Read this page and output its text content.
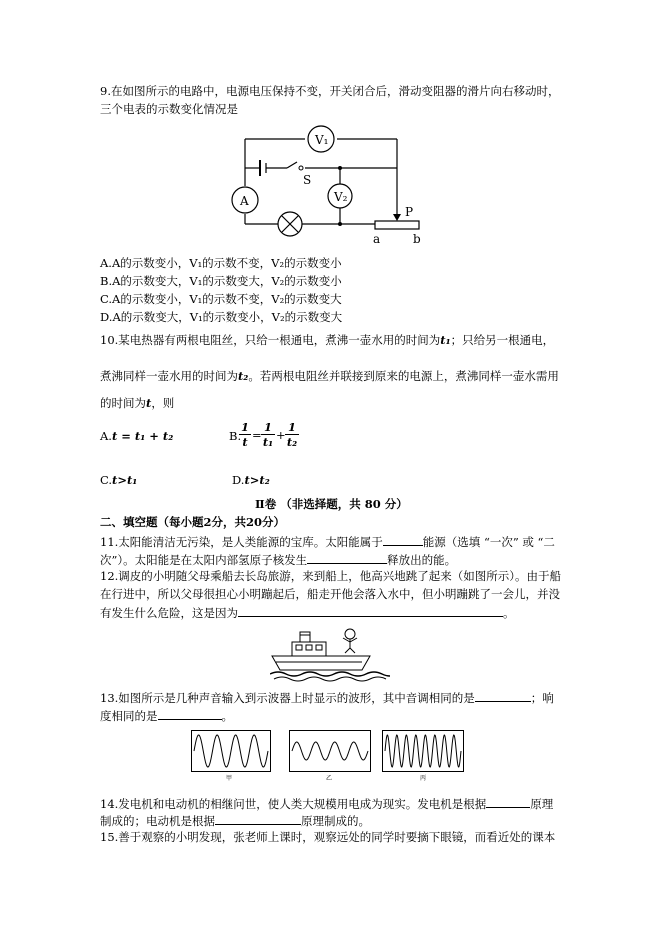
9.在如图所示的电路中，电源电压保持不变，开关闭合后，滑动变阻器的滑片向右移动时，
三个电表的示数变化情况是
V₁
A	V₂
S
P
a	b
A.A的示数变小，V₁的示数不变，V₂的示数变小
B.A的示数变大，V₁的示数变大，V₂的示数变小
C.A的示数变小，V₁的示数不变，V₂的示数变大
D.A的示数变大，V₁的示数变小，V₂的示数变大
10.某电热器有两根电阻丝，只给一根通电，煮沸一壶水用的时间为t₁；只给另一根通电，
煮沸同样一壶水用的时间为t₂。若两根电阻丝并联接到原来的电源上，煮沸同样一壶水需用
的时间为t，则
A.t = t₁ + t₂	B.
$\frac{1}{t} = \frac{1}{\text{t₁}} + \frac{1}{\text{t₂}}$
C.t>t₁	D.t>t₂
Ⅱ卷 （非选择题，共 80 分）
二、填空题（每小题2分，共20分）
11.太阳能清洁无污染，是人类能源的宝库。太阳能属于	能源（选填 “一次” 或 “二
次”）。太阳能是在太阳内部氢原子核发生	释放出的能。
12.调皮的小明随父母乘船去长岛旅游，来到船上，他高兴地跳了起来（如图所示）。由于船
在行进中，所以父母很担心小明蹦起后，船走开他会落入水中，但小明蹦跳了一会儿，并没
有发生什么危险，这是因为	。
13.如图所示是几种声音输入到示波器上时显示的波形，其中音调相同的是	；响
度相同的是	。
甲	乙	丙
14.发电机和电动机的相继问世，使人类大规模用电成为现实。发电机是根据	原理
制成的；电动机是根据	原理制成的。
15.善于观察的小明发现，张老师上课时，观察远处的同学时要摘下眼镜，而看近处的课本
